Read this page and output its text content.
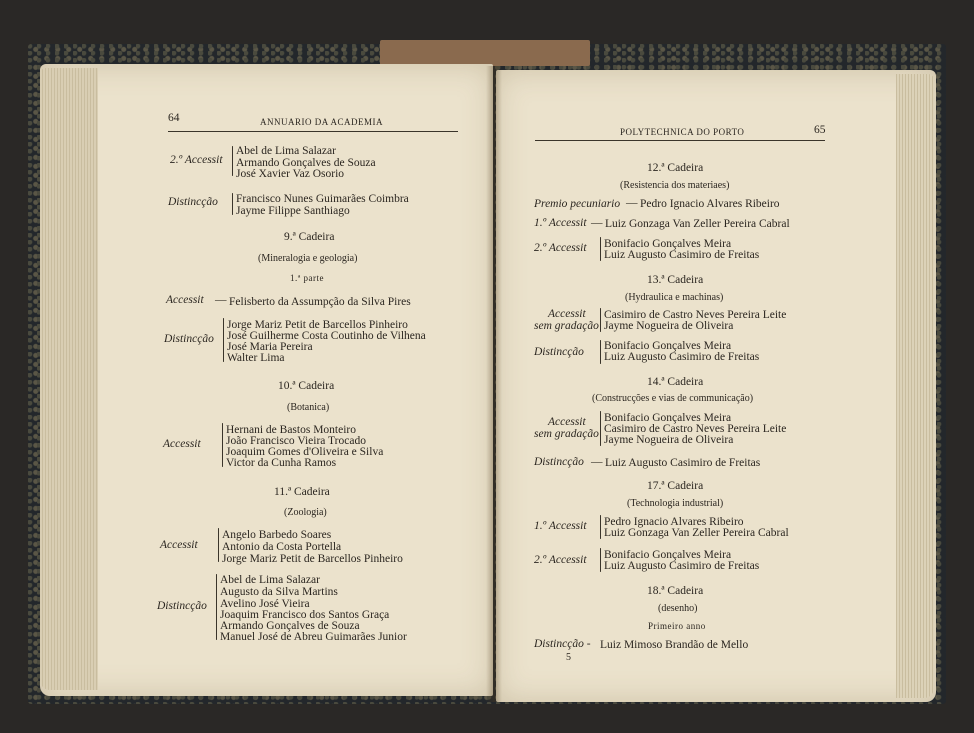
64	ANNUARIO DA ACADEMIA
Abel de Lima Salazar
2.º Accessit Armando Gonçalves de Souza
José Xavier Vaz Osorio
Distincção Francisco Nunes Guimarães Coimbra
Jayme Filippe Santhiago
9.ª Cadeira
(Mineralogia e geologia)
1.ª parte
Accessit — Felisberto da Assumpção da Silva Pires
Distincção
Jorge Mariz Petit de Barcellos Pinheiro
José Guilherme Costa Coutinho de Vilhena
José Maria Pereira
Walter Lima
10.ª Cadeira
(Botanica)
Accessit
Hernani de Bastos Monteiro
João Francisco Vieira Trocado
Joaquim Gomes d'Oliveira e Silva
Victor da Cunha Ramos
11.ª Cadeira
(Zoologia)
Accessit
Angelo Barbedo Soares
Antonio da Costa Portella
Jorge Mariz Petit de Barcellos Pinheiro
Distincção
Abel de Lima Salazar
Augusto da Silva Martins
Avelino José Vieira
Joaquim Francisco dos Santos Graça
Armando Gonçalves de Souza
Manuel José de Abreu Guimarães Junior
POLYTECHNICA DO PORTO	65
12.ª Cadeira
(Resistencia dos materiaes)
Premio pecuniario — Pedro Ignacio Alvares Ribeiro
1.º Accessit — Luiz Gonzaga Van Zeller Pereira Cabral
2.º Accessit Bonifacio Gonçalves Meira
Luiz Augusto Casimiro de Freitas
13.ª Cadeira
(Hydraulica e machinas)
Accessit
sem gradação
Casimiro de Castro Neves Pereira Leite
Jayme Nogueira de Oliveira
Distincção Bonifacio Gonçalves Meira
Luiz Augusto Casimiro de Freitas
14.ª Cadeira
(Construcções e vias de communicação)
Accessit
sem gradação
Bonifacio Gonçalves Meira
Casimiro de Castro Neves Pereira Leite
Jayme Nogueira de Oliveira
Distincção — Luiz Augusto Casimiro de Freitas
17.ª Cadeira
(Technologia industrial)
1.º Accessit Pedro Ignacio Alvares Ribeiro
Luiz Gonzaga Van Zeller Pereira Cabral
2.º Accessit Bonifacio Gonçalves Meira
Luiz Augusto Casimiro de Freitas
18.ª Cadeira
(desenho)
Primeiro anno
Distincção - Luiz Mimoso Brandão de Mello
5
